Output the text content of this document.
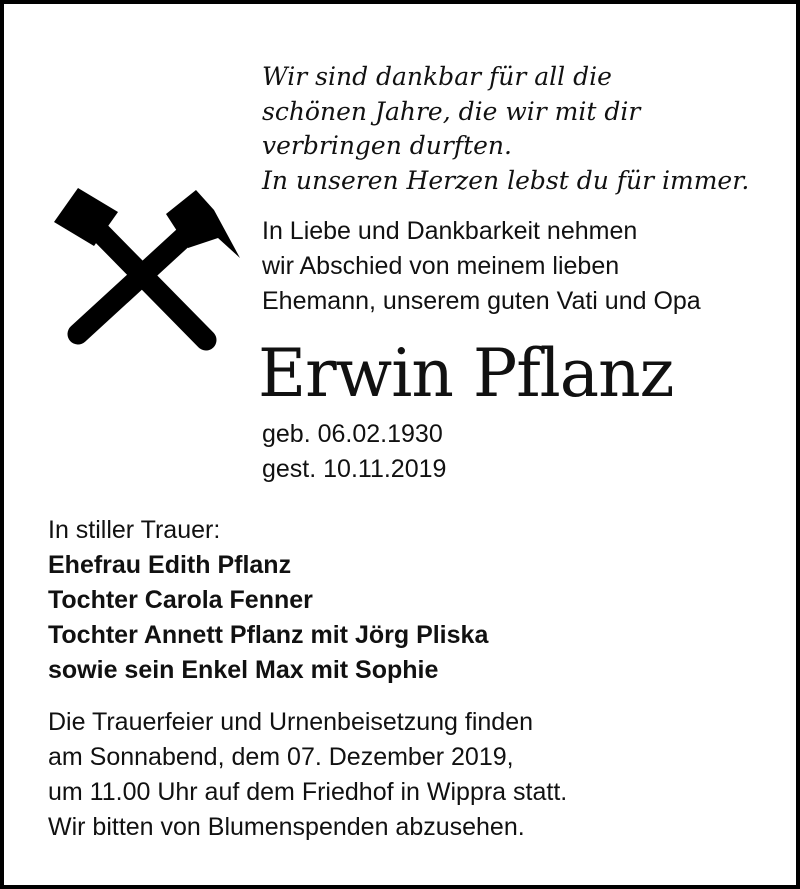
Wir sind dankbar für all die
schönen Jahre, die wir mit dir
verbringen durften.
In unseren Herzen lebst du für immer.
In Liebe und Dankbarkeit nehmen
wir Abschied von meinem lieben
Ehemann, unserem guten Vati und Opa
Erwin Pflanz
geb. 06.02.1930
gest. 10.11.2019
In stiller Trauer:
Ehefrau Edith Pflanz
Tochter Carola Fenner
Tochter Annett Pflanz mit Jörg Pliska
sowie sein Enkel Max mit Sophie
Die Trauerfeier und Urnenbeisetzung finden
am Sonnabend, dem 07. Dezember 2019,
um 11.00 Uhr auf dem Friedhof in Wippra statt.
Wir bitten von Blumenspenden abzusehen.
